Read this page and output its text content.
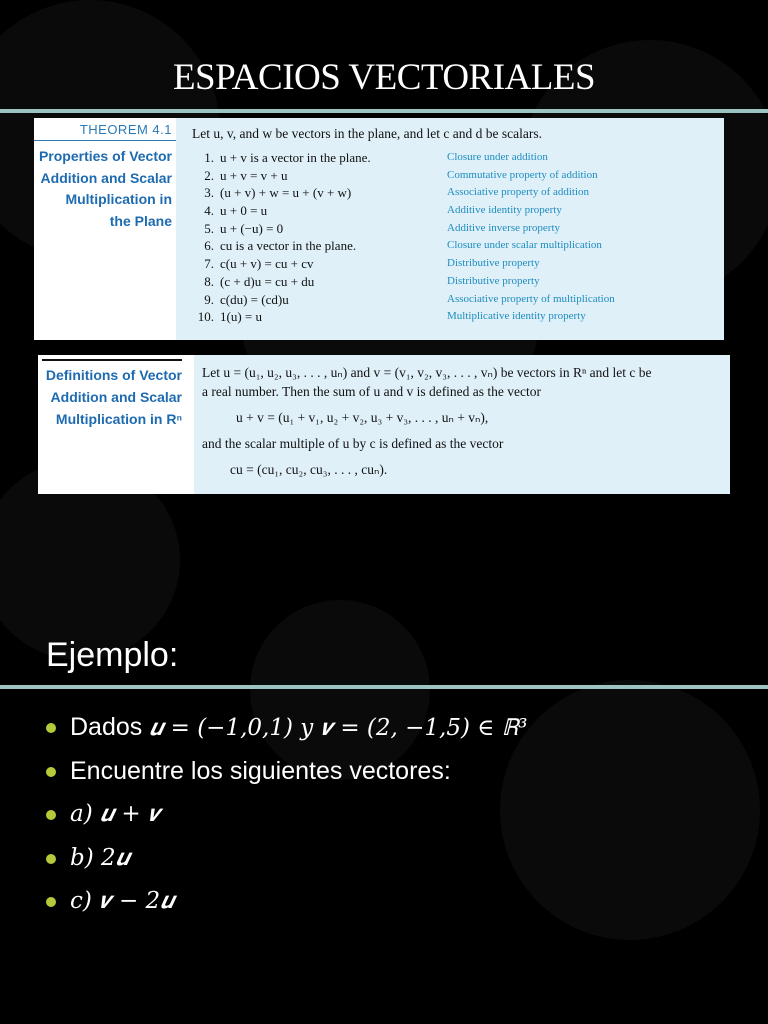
ESPACIOS VECTORIALES
THEOREM 4.1
Properties of Vector
Addition and Scalar
Multiplication in
the Plane
Let u, v, and w be vectors in the plane, and let c and d be scalars.
1. u + v is a vector in the plane.	Closure under addition
2. u + v = v + u	Commutative property of addition
3. (u + v) + w = u + (v + w)	Associative property of addition
4. u + 0 = u	Additive identity property
5. u + (−u) = 0	Additive inverse property
6. cu is a vector in the plane.	Closure under scalar multiplication
7. c(u + v) = cu + cv	Distributive property
8. (c + d)u = cu + du	Distributive property
9. c(du) = (cd)u	Associative property of multiplication
10. 1(u) = u	Multiplicative identity property
Definitions of Vector
Addition and Scalar
Multiplication in Rⁿ
Let u = (u₁, u₂, u₃, . . . , uₙ) and v = (v₁, v₂, v₃, . . . , vₙ) be vectors in Rⁿ and let c be
a real number. Then the sum of u and v is defined as the vector
u + v = (u₁ + v₁, u₂ + v₂, u₃ + v₃, . . . , uₙ + vₙ),
and the scalar multiple of u by c is defined as the vector
cu = (cu₁, cu₂, cu₃, . . . , cuₙ).
Ejemplo:
Dados 𝒖 = (−1,0,1) 𝑦 𝒗 = (2, −1,5) ∈ ℝ³
Encuentre los siguientes vectores:
𝑎) 𝒖 + 𝒗
𝑏) 2𝒖
𝑐) 𝒗 − 2𝒖
